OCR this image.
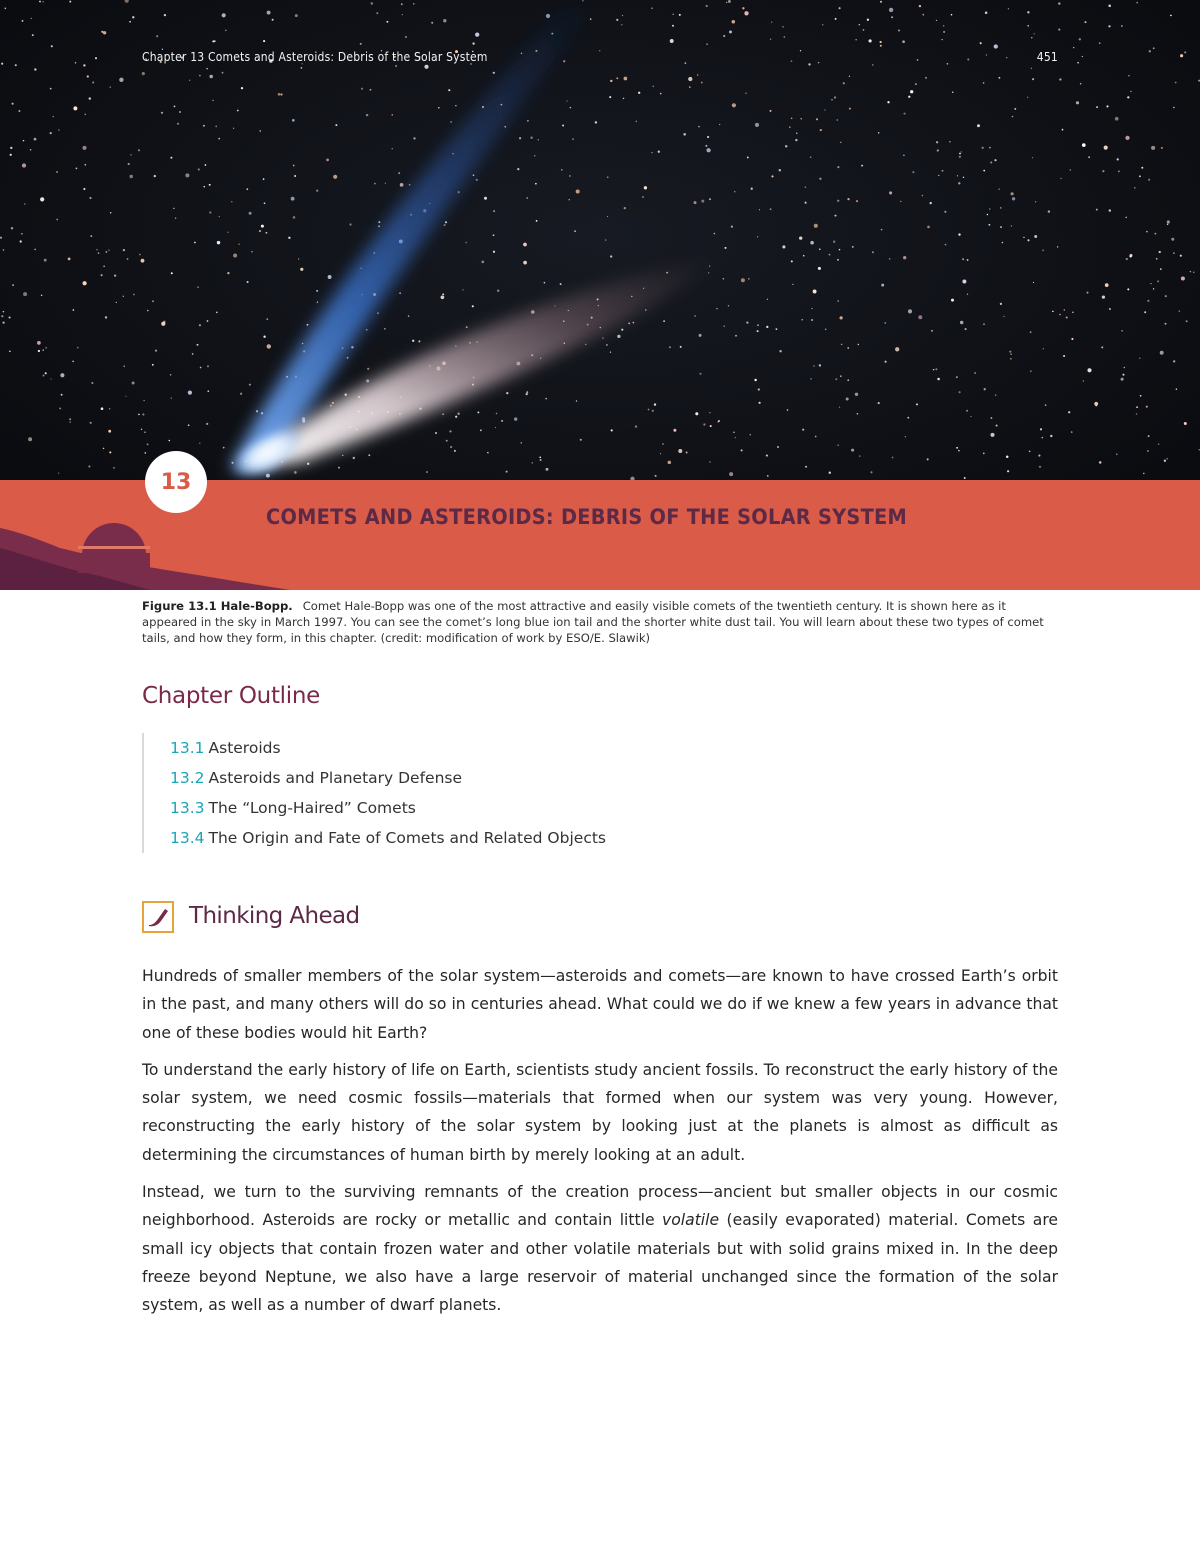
Chapter 13 Comets and Asteroids: Debris of the Solar System	451
COMETS AND ASTEROIDS: DEBRIS OF THE SOLAR SYSTEM
13
Figure 13.1 Hale-Bopp. Comet Hale-Bopp was one of the most attractive and easily visible comets of the twentieth century. It is shown here as it appeared in the sky in March 1997. You can see the comet’s long blue ion tail and the shorter white dust tail. You will learn about these two types of comet tails, and how they form, in this chapter. (credit: modification of work by ESO/E. Slawik)
Chapter Outline
13.1 Asteroids
13.2 Asteroids and Planetary Defense
13.3 The “Long-Haired” Comets
13.4 The Origin and Fate of Comets and Related Objects
Thinking Ahead

Hundreds of smaller members of the solar system—asteroids and comets—are known to have crossed Earth’s orbit in the past, and many others will do so in centuries ahead. What could we do if we knew a few years in advance that one of these bodies would hit Earth?

To understand the early history of life on Earth, scientists study ancient fossils. To reconstruct the early history of the solar system, we need cosmic fossils—materials that formed when our system was very young. However, reconstructing the early history of the solar system by looking just at the planets is almost as difficult as determining the circumstances of human birth by merely looking at an adult.

Instead, we turn to the surviving remnants of the creation process—ancient but smaller objects in our cosmic neighborhood. Asteroids are rocky or metallic and contain little volatile (easily evaporated) material. Comets are small icy objects that contain frozen water and other volatile materials but with solid grains mixed in. In the deep freeze beyond Neptune, we also have a large reservoir of material unchanged since the formation of the solar system, as well as a number of dwarf planets.
